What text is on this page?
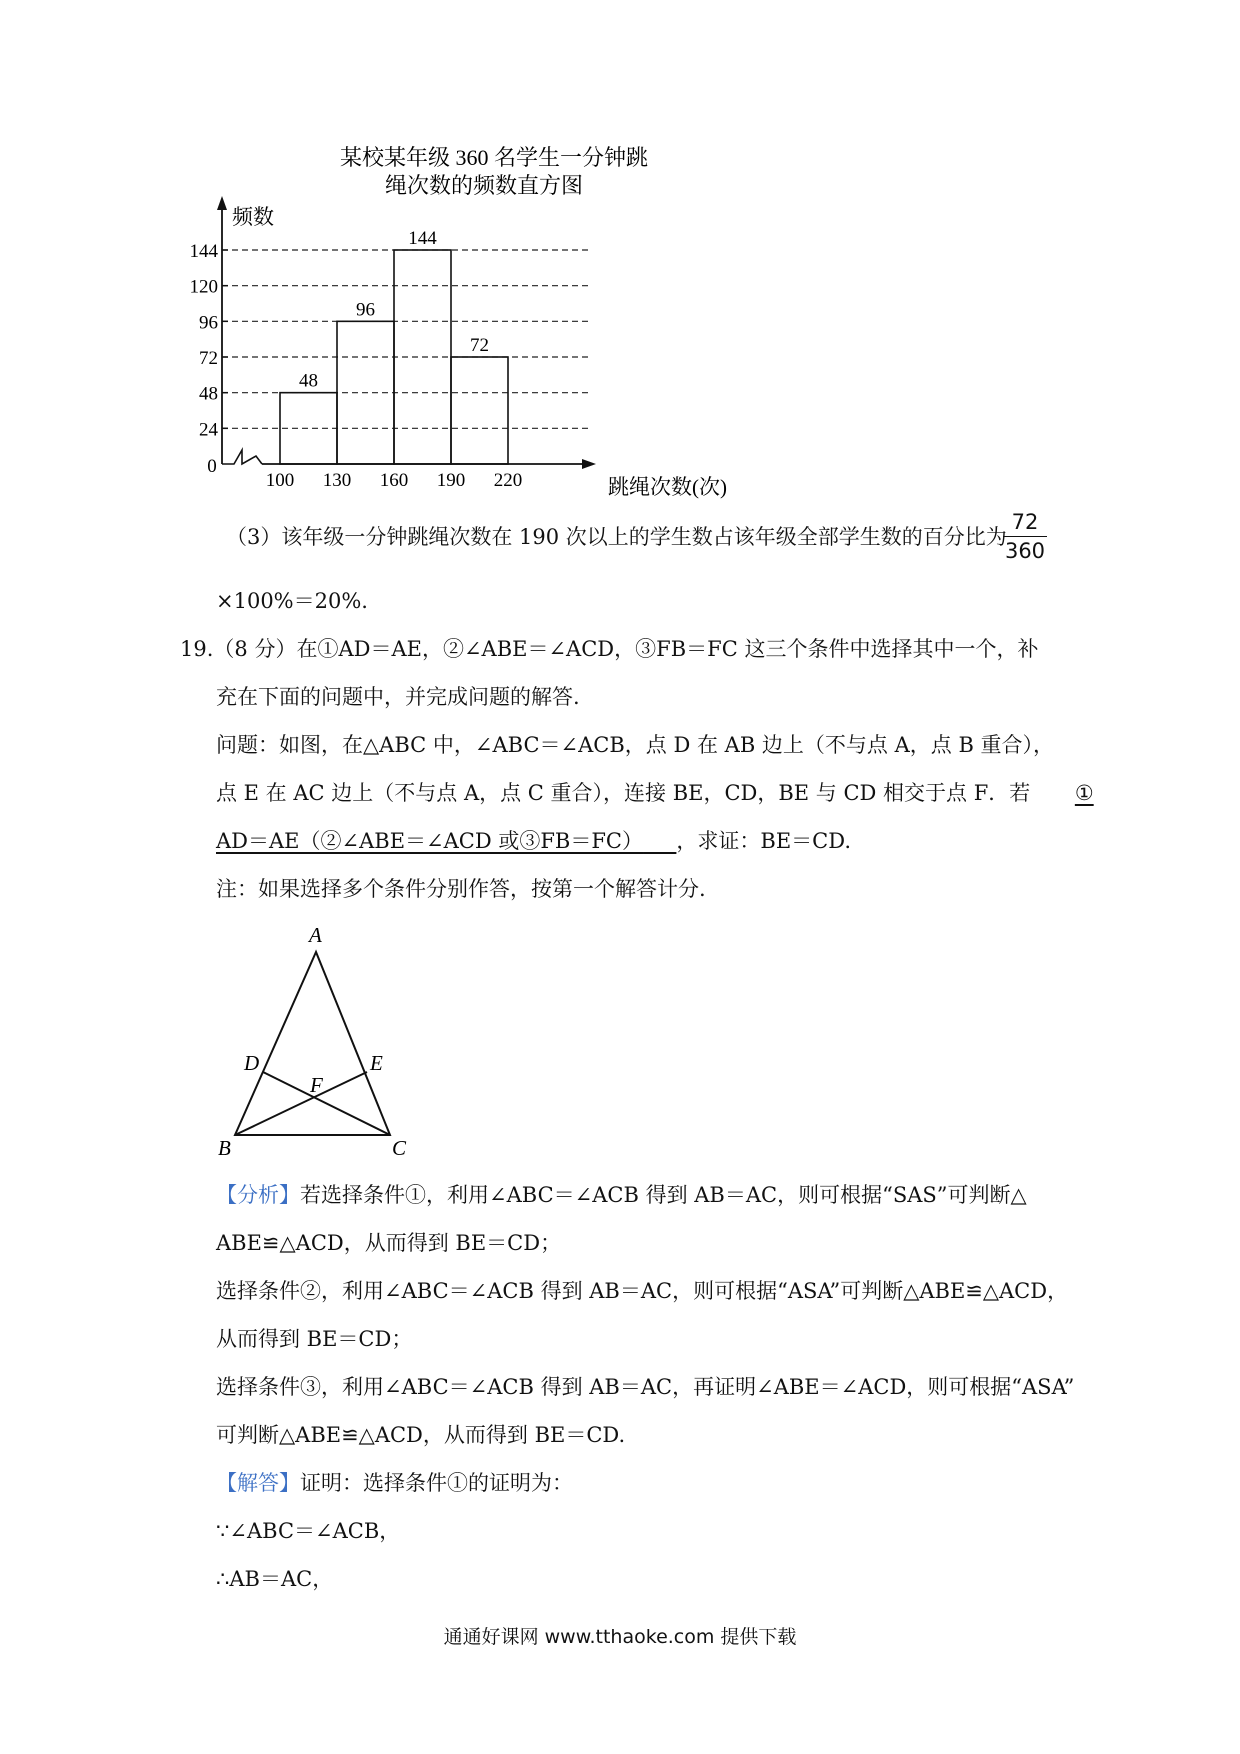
某校某年级 360 名学生一分钟跳
绳次数的频数直方图
24
48
72
96
120
144
48
96
144
72
100 130 160 190 220
频数
跳绳次数(次)
0
（3）该年级一分钟跳绳次数在 190 次以上的学生数占该年级全部学生数的百分比为
72
360
×100%＝20%.
19.（8 分）在①AD＝AE，②∠ABE＝∠ACD，③FB＝FC 这三个条件中选择其中一个，补
充在下面的问题中，并完成问题的解答.
问题：如图，在△ABC 中，∠ABC＝∠ACB，点 D 在 AB 边上（不与点 A，点 B 重合），
点 E 在 AC 边上（不与点 A，点 C 重合），连接 BE，CD，BE 与 CD 相交于点 F．若 ①
AD＝AE（②∠ABE＝∠ACD 或③FB＝FC） ，求证：BE＝CD.
注：如果选择多个条件分别作答，按第一个解答计分.
A
B	C
D	E
F
【分析】若选择条件①，利用∠ABC＝∠ACB 得到 AB＝AC，则可根据“SAS”可判断△
ABE≌△ACD，从而得到 BE＝CD；
选择条件②，利用∠ABC＝∠ACB 得到 AB＝AC，则可根据“ASA”可判断△ABE≌△ACD，
从而得到 BE＝CD；
选择条件③，利用∠ABC＝∠ACB 得到 AB＝AC，再证明∠ABE＝∠ACD，则可根据“ASA”
可判断△ABE≌△ACD，从而得到 BE＝CD.
【解答】证明：选择条件①的证明为：
∵∠ABC＝∠ACB，
∴AB＝AC，
通通好课网 www.tthaoke.com 提供下载
